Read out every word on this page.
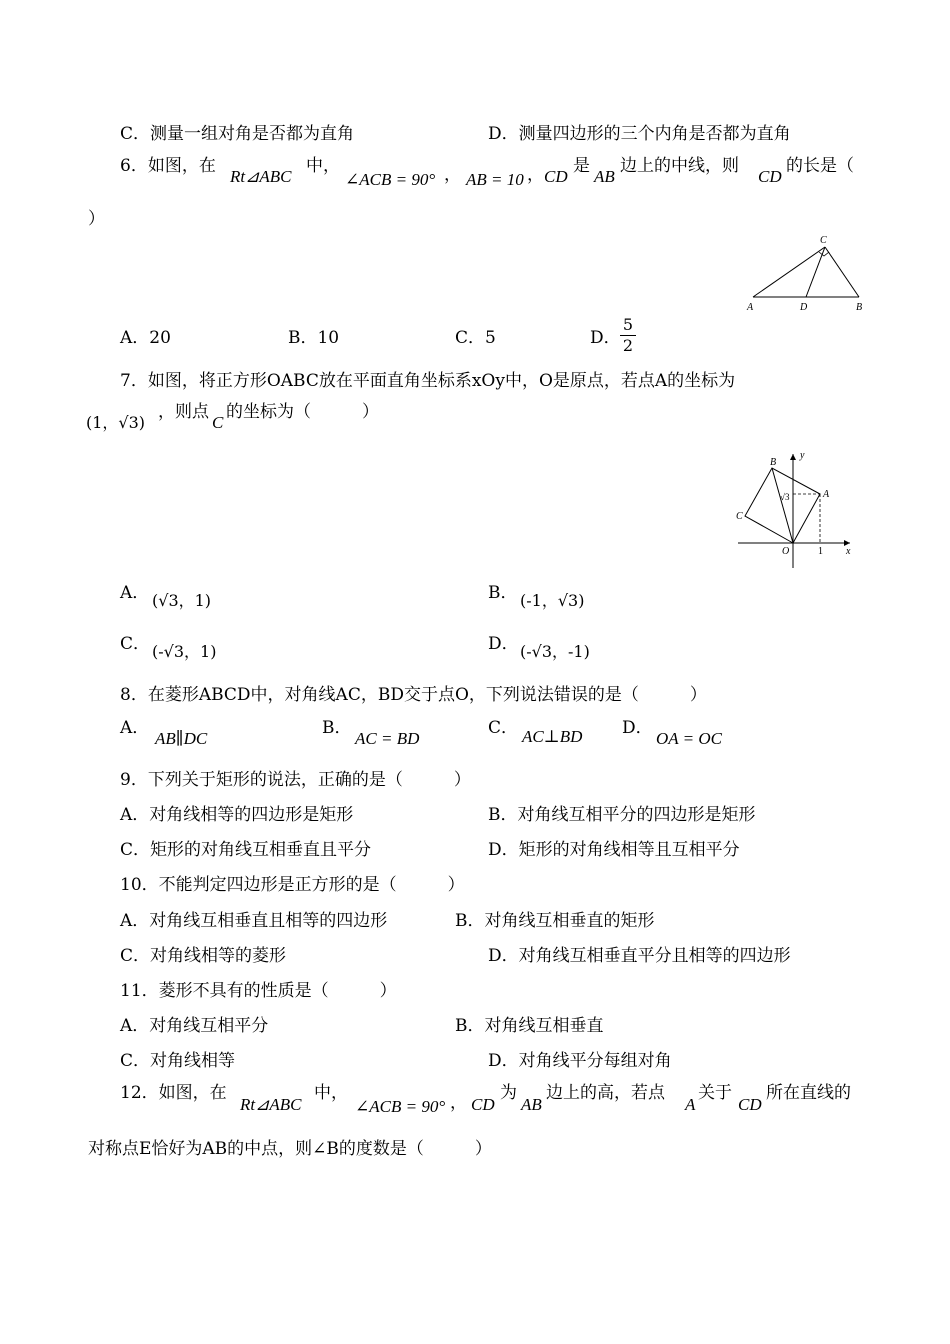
C．测量一组对角是否都为直角	D．测量四边形的三个内角是否都为直角
6．如图，在
Rt⊿ABC
中，
∠ACB = 90° ， AB = 10 ， CD
是
AB
边上的中线，则
CD
的长是（
）
C
A	D	B
A．20	B．10	C．5	D．
5
2
7．如图，将正方形OABC放在平面直角坐标系xOy中，O是原点，若点A的坐标为
(1，√3)
，则点
C
的坐标为（　　　）
y
B
A
√3
C
O	1 x
A． (√3，1)	B． (-1，√3)
C． (-√3，1)	D． (-√3，-1)
8．在菱形ABCD中，对角线AC，BD交于点O，下列说法错误的是（　　　）
A．
AB∥DC
B．
AC = BD
C． AC⊥BD D．
OA = OC
9．下列关于矩形的说法，正确的是（　　　）
A．对角线相等的四边形是矩形	B．对角线互相平分的四边形是矩形
C．矩形的对角线互相垂直且平分	D．矩形的对角线相等且互相平分
10．不能判定四边形是正方形的是（　　　）
A．对角线互相垂直且相等的四边形	B．对角线互相垂直的矩形
C．对角线相等的菱形	D．对角线互相垂直平分且相等的四边形
11．菱形不具有的性质是（　　　）
A．对角线互相平分	B．对角线互相垂直
C．对角线相等	D．对角线平分每组对角
12．如图，在
Rt⊿ABC
中，
∠ACB = 90° ， CD
为
AB
边上的高，若点
A
关于
CD
所在直线的
对称点E恰好为AB的中点，则∠B的度数是（　　　）
